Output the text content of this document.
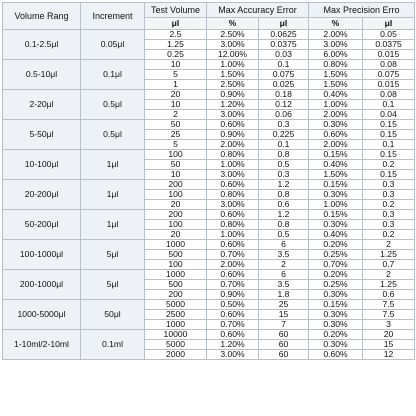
Volume Rang	Increment	Test Volume	Max Accuracy Error		Max Precision Erro	
		μl	%	μl	%	μl
0.1-2.5μl	0.05μl	2.5	2.50%	0.0625	2.00%	0.05
		1.25	3.00%	0.0375	3.00%	0.0375
		0.25	12.00%	0.03	6.00%	0.015
0.5-10μl	0.1μl	10	1.00%	0.1	0.80%	0.08
		5	1.50%	0.075	1.50%	0.075
		1	2.50%	0.025	1.50%	0.015
2-20μl	0.5μl	20	0.90%	0.18	0.40%	0.08
		10	1.20%	0.12	1.00%	0.1
		2	3.00%	0.06	2.00%	0.04
5-50μl	0.5μl	50	0.60%	0.3	0.30%	0.15
		25	0.90%	0.225	0.60%	0.15
		5	2.00%	0.1	2.00%	0.1
10-100μl	1μl	100	0.80%	0.8	0.15%	0.15
		50	1.00%	0.5	0.40%	0.2
		10	3.00%	0.3	1.50%	0.15
20-200μl	1μl	200	0.60%	1.2	0.15%	0.3
		100	0.80%	0.8	0.30%	0.3
		20	3.00%	0.6	1.00%	0.2
50-200μl	1μl	200	0.60%	1.2	0.15%	0.3
		100	0.80%	0.8	0.30%	0.3
		20	1.00%	0.5	0.40%	0.2
100-1000μl	5μl	1000	0.60%	6	0.20%	2
		500	0.70%	3.5	0.25%	1.25
		100	2.00%	2	0.70%	0.7
200-1000μl	5μl	1000	0.60%	6	0.20%	2
		500	0.70%	3.5	0.25%	1.25
		200	0.90%	1.8	0.30%	0.6
1000-5000μl	50μl	5000	0.50%	25	0.15%	7.5
		2500	0.60%	15	0.30%	7.5
		1000	0.70%	7	0.30%	3
1-10ml/2-10ml	0.1ml	10000	0.60%	60	0.20%	20
		5000	1.20%	60	0.30%	15
		2000	3.00%	60	0.60%	12
